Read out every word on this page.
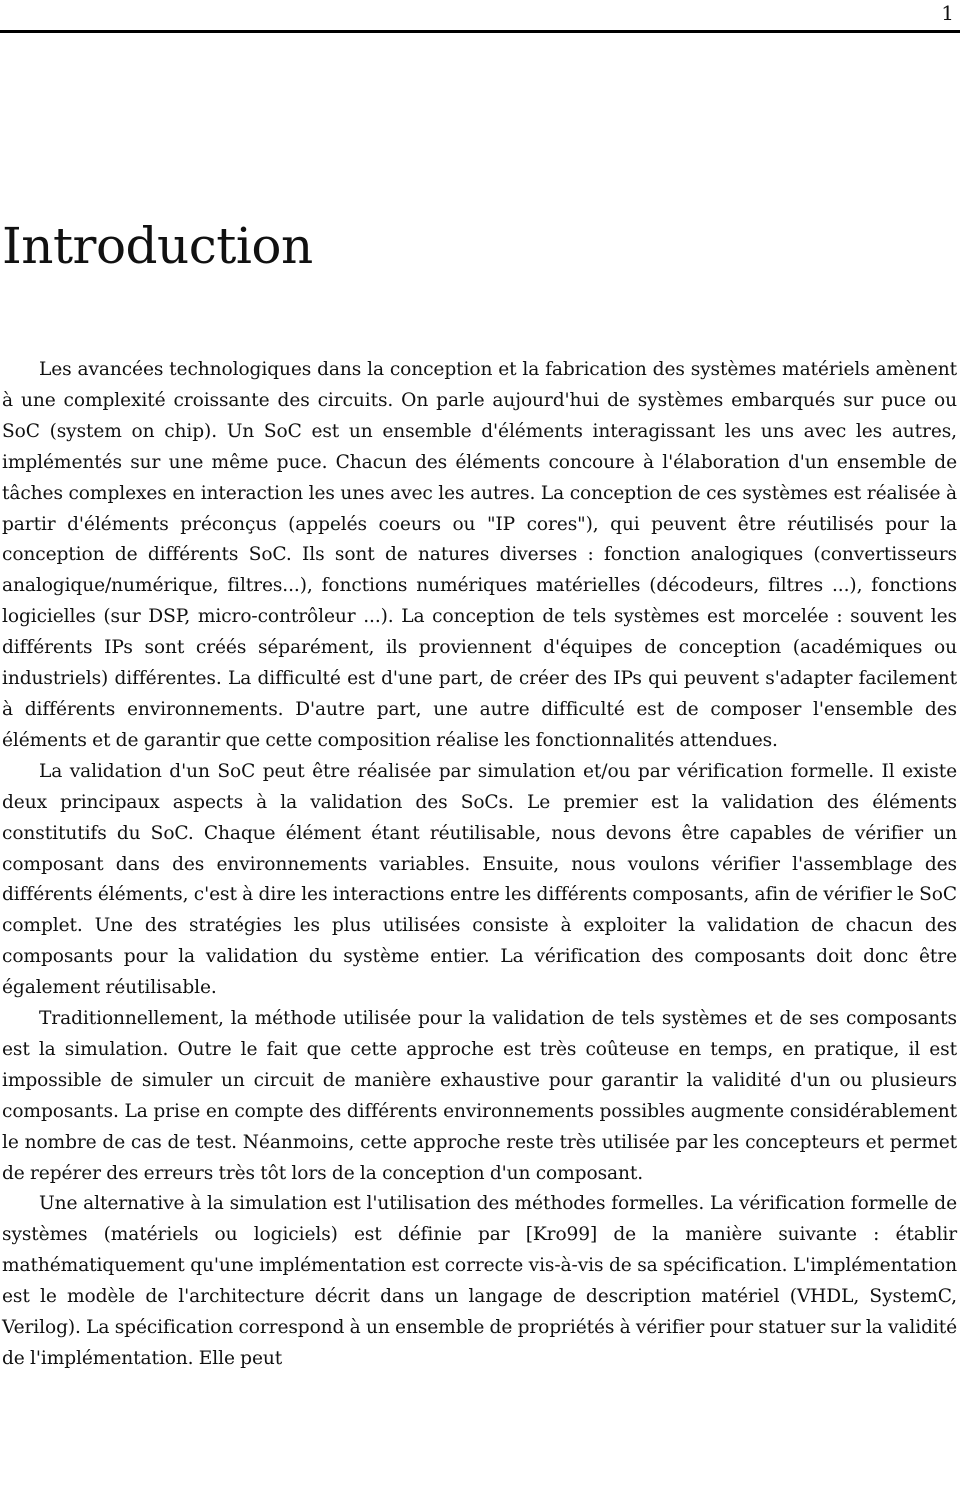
1
Introduction

Les avancées technologiques dans la conception et la fabrication des systèmes matériels amènent à une complexité croissante des circuits. On parle aujourd'hui de systèmes embarqués sur puce ou SoC (system on chip). Un SoC est un ensemble d'éléments interagissant les uns avec les autres, implémentés sur une même puce. Chacun des éléments concoure à l'élaboration d'un ensemble de tâches complexes en interaction les unes avec les autres. La conception de ces systèmes est réalisée à partir d'éléments préconçus (appelés coeurs ou "IP cores"), qui peuvent être réutilisés pour la conception de différents SoC. Ils sont de natures diverses : fonction analogiques (convertisseurs analogique/numérique, filtres...), fonctions numériques matérielles (décodeurs, filtres ...), fonctions logicielles (sur DSP, micro-contrôleur ...). La conception de tels systèmes est morcelée : souvent les différents IPs sont créés séparément, ils proviennent d'équipes de conception (académiques ou industriels) différentes. La difficulté est d'une part, de créer des IPs qui peuvent s'adapter facilement à différents environnements. D'autre part, une autre difficulté est de composer l'ensemble des éléments et de garantir que cette composition réalise les fonctionnalités attendues.

La validation d'un SoC peut être réalisée par simulation et/ou par vérification formelle. Il existe deux principaux aspects à la validation des SoCs. Le premier est la validation des éléments constitutifs du SoC. Chaque élément étant réutilisable, nous devons être capables de vérifier un composant dans des environnements variables. Ensuite, nous voulons vérifier l'assemblage des différents éléments, c'est à dire les interactions entre les différents composants, afin de vérifier le SoC complet. Une des stratégies les plus utilisées consiste à exploiter la validation de chacun des composants pour la validation du système entier. La vérification des composants doit donc être également réutilisable.

Traditionnellement, la méthode utilisée pour la validation de tels systèmes et de ses composants est la simulation. Outre le fait que cette approche est très coûteuse en temps, en pratique, il est impossible de simuler un circuit de manière exhaustive pour garantir la validité d'un ou plusieurs composants. La prise en compte des différents environnements possibles augmente considérablement le nombre de cas de test. Néanmoins, cette approche reste très utilisée par les concepteurs et permet de repérer des erreurs très tôt lors de la conception d'un composant.

Une alternative à la simulation est l'utilisation des méthodes formelles. La vérification formelle de systèmes (matériels ou logiciels) est définie par [Kro99] de la manière suivante : établir mathématiquement qu'une implémentation est correcte vis-à-vis de sa spécification. L'implémentation est le modèle de l'architecture décrit dans un langage de description matériel (VHDL, SystemC, Verilog). La spécification correspond à un ensemble de propriétés à vérifier pour statuer sur la validité de l'implémentation. Elle peut
